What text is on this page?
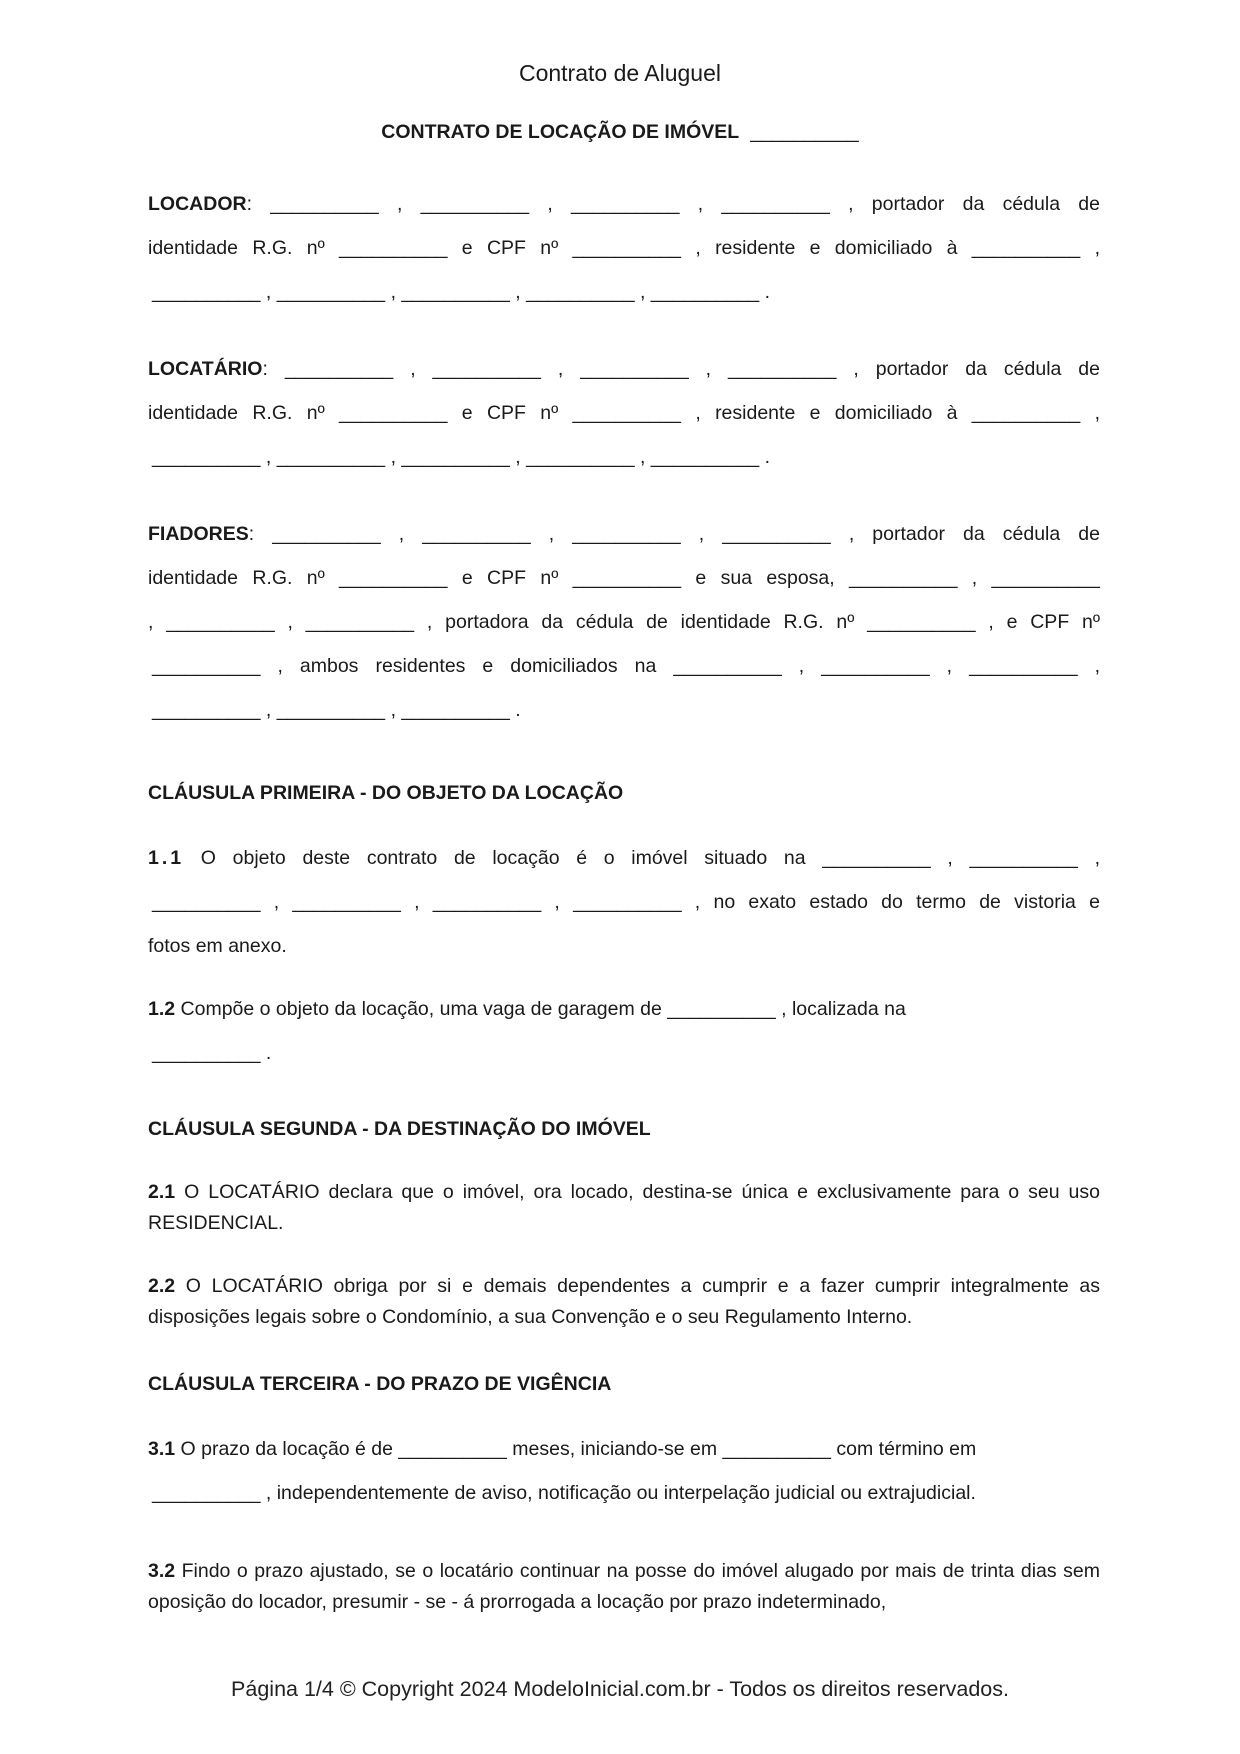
Contrato de Aluguel
CONTRATO DE LOCAÇÃO DE IMÓVEL __________
LOCADOR: __________ , __________ , __________ , __________ , portador da cédula de
identidade R.G. nº __________ e CPF nº __________ , residente e domiciliado à __________ ,
__________ , __________ , __________ , __________ , __________ .
LOCATÁRIO: __________ , __________ , __________ , __________ , portador da cédula de
identidade R.G. nº __________ e CPF nº __________ , residente e domiciliado à __________ ,
__________ , __________ , __________ , __________ , __________ .
FIADORES: __________ , __________ , __________ , __________ , portador da cédula de
identidade R.G. nº __________ e CPF nº __________ e sua esposa, __________ , __________
, __________ , __________ , portadora da cédula de identidade R.G. nº __________ , e CPF nº
__________ , ambos residentes e domiciliados na __________ , __________ , __________ ,
__________ , __________ , __________ .
CLÁUSULA PRIMEIRA - DO OBJETO DA LOCAÇÃO
1.1 O objeto deste contrato de locação é o imóvel situado na __________ , __________ ,
__________ , __________ , __________ , __________ , no exato estado do termo de vistoria e
fotos em anexo.
1.2 Compõe o objeto da locação, uma vaga de garagem de __________ , localizada na
__________ .
CLÁUSULA SEGUNDA - DA DESTINAÇÃO DO IMÓVEL
2.1 O LOCATÁRIO declara que o imóvel, ora locado, destina-se única e exclusivamente para o seu uso RESIDENCIAL.
2.2 O LOCATÁRIO obriga por si e demais dependentes a cumprir e a fazer cumprir integralmente as disposições legais sobre o Condomínio, a sua Convenção e o seu Regulamento Interno.
CLÁUSULA TERCEIRA - DO PRAZO DE VIGÊNCIA
3.1 O prazo da locação é de __________ meses, iniciando-se em __________ com término em
__________ , independentemente de aviso, notificação ou interpelação judicial ou extrajudicial.
3.2 Findo o prazo ajustado, se o locatário continuar na posse do imóvel alugado por mais de trinta dias sem oposição do locador, presumir - se - á prorrogada a locação por prazo indeterminado,
Página 1/4 © Copyright 2024 ModeloInicial.com.br - Todos os direitos reservados.
